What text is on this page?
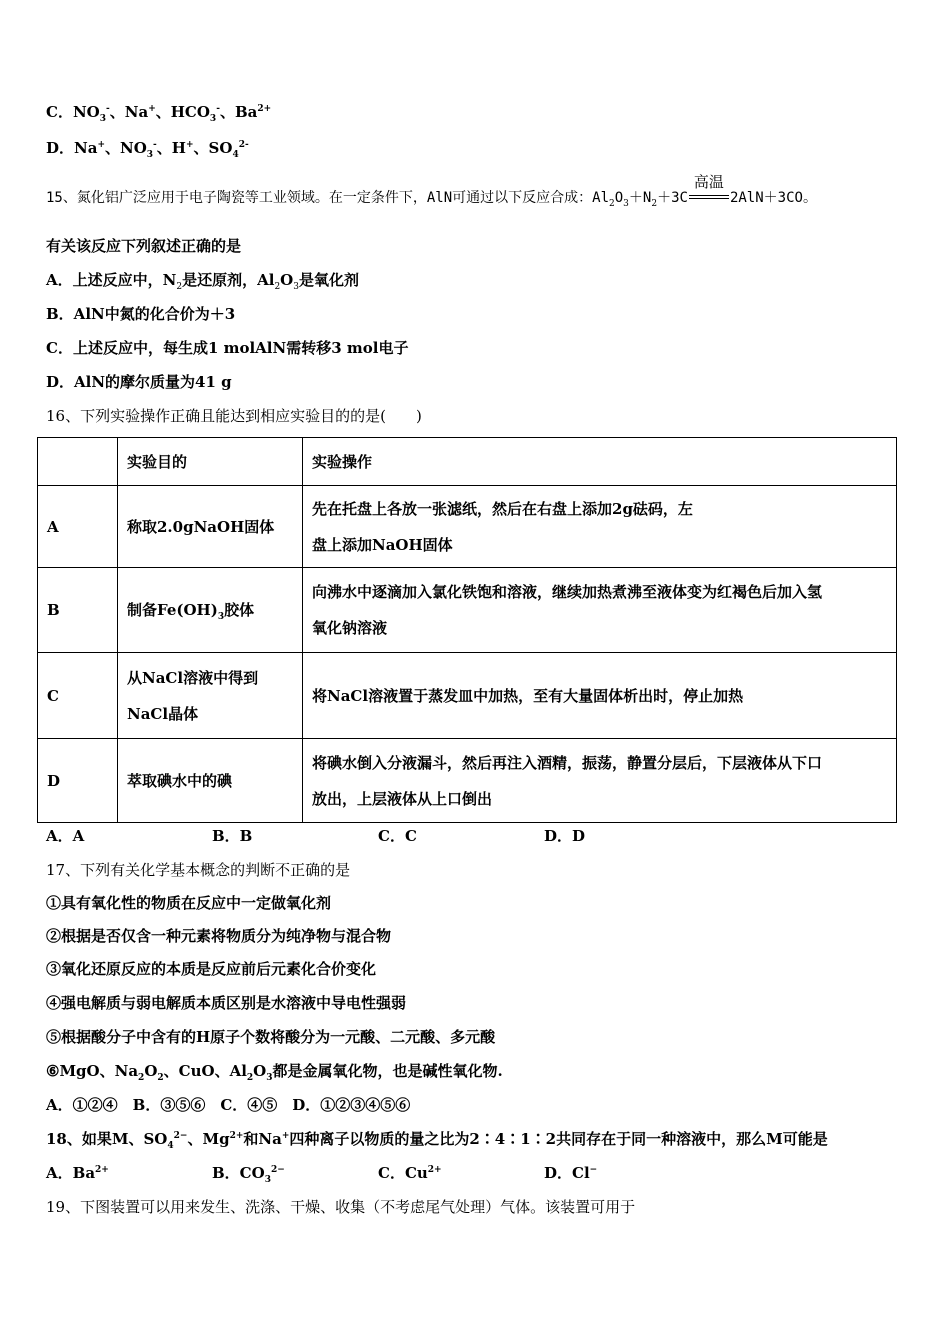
C．$NO_3^-$、Na+、$HCO_3^-$、$Ba^{2+}$
D．Na+、$NO_3^-$、H+、$SO_4^{2-}$
15、氮化铝广泛应用于电子陶瓷等工业领域。在一定条件下，AlN可通过以下反应合成：$Al_2O_3+N_2+3C$
高温
2AlN＋3CO。
有关该反应下列叙述正确的是
A．上述反应中，$N_2$是还原剂，$Al_2O_3$是氧化剂
B．AlN中氮的化合价为＋3
C．上述反应中，每生成1 molAlN需转移3 mol电子
D．AlN的摩尔质量为41 g
16、下列实验操作正确且能达到相应实验目的的是(　　)
	实验目的	实验操作
A	称取2.0gNaOH固体	先在托盘上各放一张滤纸，然后在右盘上添加2g砝码，左
盘上添加NaOH固体

B	制备$Fe(OH)_3$胶体	向沸水中逐滴加入氯化铁饱和溶液，继续加热煮沸至液体变为红褐色后加入氢
氧化钠溶液

C	从NaCl溶液中得到
NaCl晶体	将NaCl溶液置于蒸发皿中加热，至有大量固体析出时，停止加热
D	萃取碘水中的碘	将碘水倒入分液漏斗，然后再注入酒精，振荡，静置分层后，下层液体从下口
放出，上层液体从上口倒出
A．A	B．B	C．C	D．D
17、下列有关化学基本概念的判断不正确的是
①具有氧化性的物质在反应中一定做氧化剂
②根据是否仅含一种元素将物质分为纯净物与混合物
③氧化还原反应的本质是反应前后元素化合价变化
④强电解质与弱电解质本质区别是水溶液中导电性强弱
⑤根据酸分子中含有的H原子个数将酸分为一元酸、二元酸、多元酸
⑥MgO、$Na_2O_2$、CuO、$Al_2O_3$都是金属氧化物，也是碱性氧化物.
A．①②④　B．③⑤⑥　C．④⑤　D．①②③④⑤⑥
18、如果M、$SO_4^{2-}$、$Mg^{2+}$和Na+四种离子以物质的量之比为2∶4∶1∶2共同存在于同一种溶液中，那么M可能是
A．$Ba^{2+}$	B．$CO_3^{2-}$	C．$Cu^{2+}$	D．Cl−
19、下图装置可以用来发生、洗涤、干燥、收集（不考虑尾气处理）气体。该装置可用于
